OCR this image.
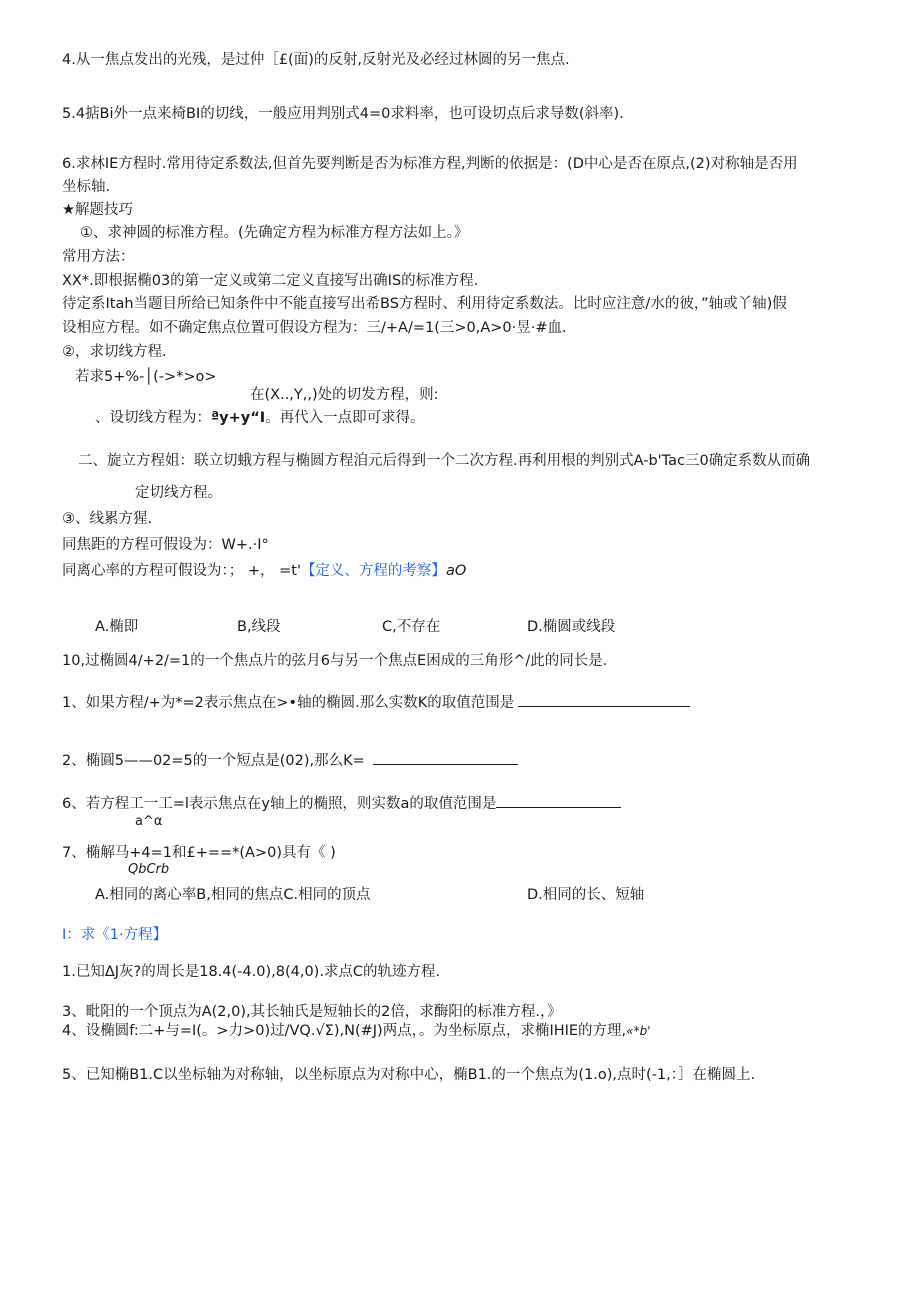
4.从一焦点发出的光残，是过仲［£(面)的反射,反射光及必经过林圆的另一焦点.
5.4掂Bi外一点来椅BI的切线，一般应用判别式4=0求料率，也可设切点后求导数(斜率).
6.求林IE方程时.常用待定系数法,但首先要判断是否为标准方程,判断的依据是：(D中心是否在原点,(2)对称轴是否用
坐标轴.
★解题技巧
①、求神圆的标准方程。(先确定方程为标准方程方法如上。》
常用方法：
XX*.即根据椭03的第一定义或第二定义直接写出确IS的标准方程.
待定系Itah当题目所给已知条件中不能直接写出希BS方程时、利用待定系数法。比时应注意/水的彼，”轴或丫轴)假
设相应方程。如不确定焦点位置可假设方程为：三/+A∕=1(三>0,A>0·昱·#血.
②，求切线方程.
若求5+%-│(->*>o>
在(X..,Y,,)处的切发方程，则:
、设切线方程为：ªy+y“I。再代入一点即可求得。
二、旋立方程姐：联立切蛾方程与椭圆方程洎元后得到一个二次方程.再利用根的判别式A-b'Tac三0确定系数从而确
定切线方程。
③、线累方猩.
同焦距的方程可假设为：W+.·I°
同离心率的方程可假设为：； +， =t'【定义、方程的考察】aO
A.椭即	B,线段	C,不存在	D.椭圆或线段
10,过椭圆4/+2/=1的一个焦点片的弦月6与另一个焦点E困成的三角形^/此的同长是.
1、如果方程/+为*=2表示焦点在>•轴的椭圆.那么实数K的取值范围是
2、椭圓5——02=5的一个短点是(02),那么K=
6、若方程工一工=l表示焦点在y轴上的椭照，则实数a的取值范围是
a^α
7、椭解马+4=1和£+==*(A>0)具有《 )
QbCrb
A.相同的离心率B,相同的焦点C.相同的顶点	D.相同的长、短轴
I：求《1·方程】
1.已知ΔJ灰?的周长是18.4(-4.0),8(4,0).求点C的轨迹方程.
3、毗阳的一个顶点为A(2,0),其长轴氏是短轴长的2倍，求酶阳的标准方程.，》
4、设椭圆f:二+与=I(。>力>0)过/VQ.√Σ),N(#J)两点，。为坐标原点，求椭IHIE的方理,«*b'
5、已知椭B1.C以坐标轴为对称轴，以坐标原点为对称中心，椭B1.的一个焦点为(1.o),点时(-1,：］在椭圆上.
